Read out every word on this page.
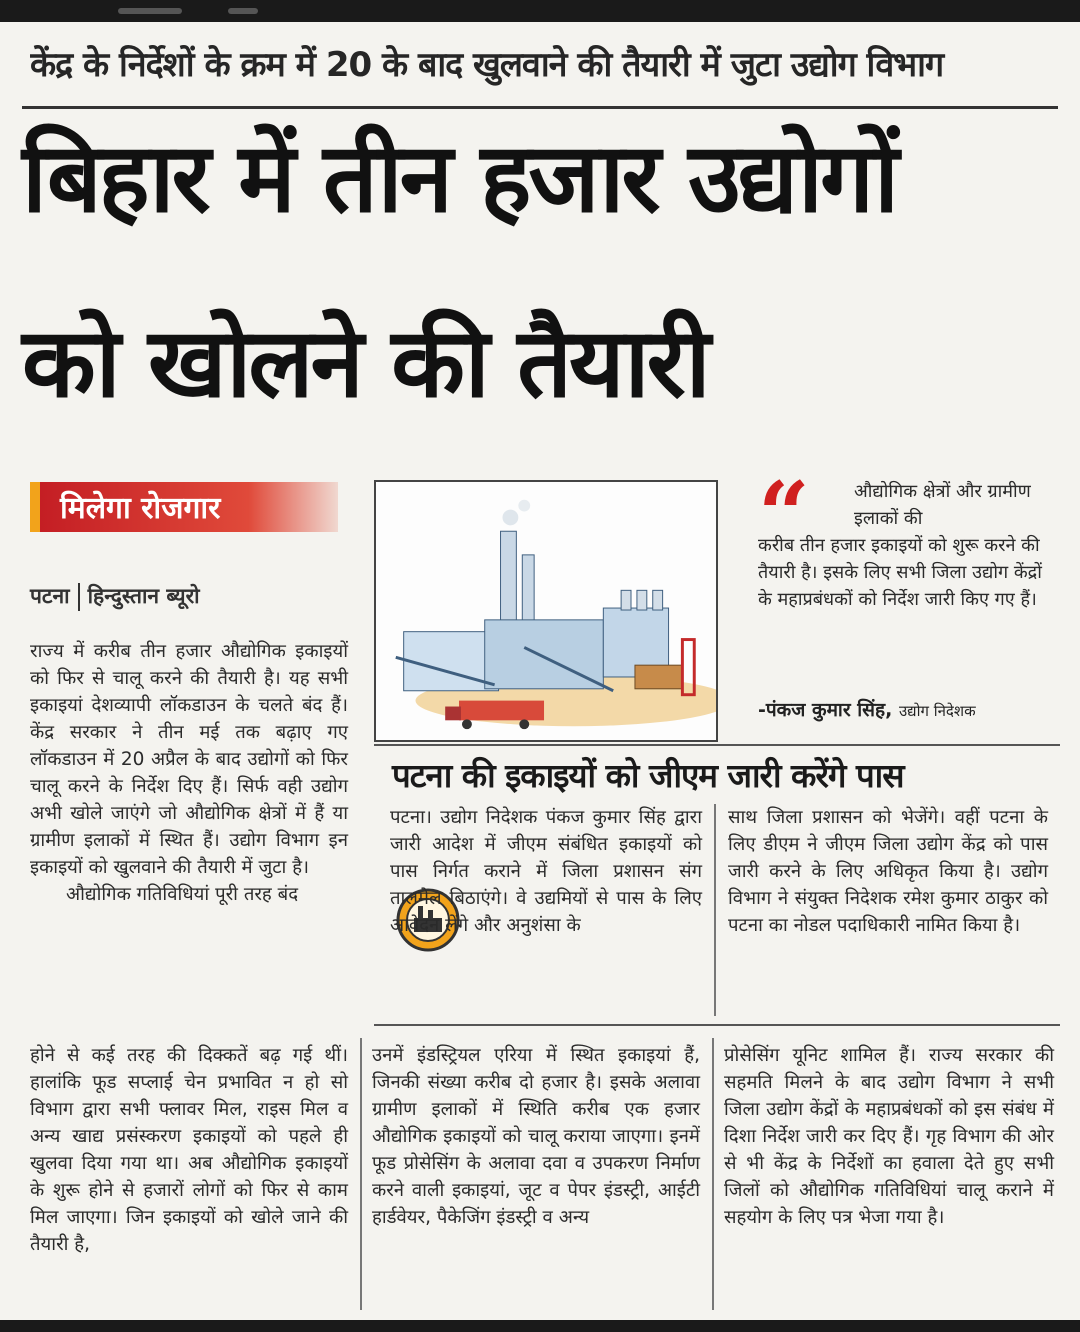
केंद्र के निर्देशों के क्रम में 20 के बाद खुलवाने की तैयारी में जुटा उद्योग विभाग
बिहार में तीन हजार उद्योगों
को खोलने की तैयारी
मिलेगा रोजगार
पटना हिन्दुस्तान ब्यूरो

राज्य में करीब तीन हजार औद्योगिक इकाइयों को फिर से चालू करने की तैयारी है। यह सभी इकाइयां देशव्यापी लॉकडाउन के चलते बंद हैं। केंद्र सरकार ने तीन मई तक बढ़ाए गए लॉकडाउन में 20 अप्रैल के बाद उद्योगों को फिर चालू करने के निर्देश दिए हैं। सिर्फ वही उद्योग अभी खोले जाएंगे जो औद्योगिक क्षेत्रों में हैं या ग्रामीण इलाकों में स्थित हैं। उद्योग विभाग इन इकाइयों को खुलवाने की तैयारी में जुटा है।

औद्योगिक गतिविधियां पूरी तरह बंद

“	औद्योगिक क्षेत्रों और ग्रामीण इलाकों की
करीब तीन हजार इकाइयों को शुरू करने की तैयारी है। इसके लिए सभी जिला उद्योग केंद्रों के महाप्रबंधकों को निर्देश जारी किए गए हैं।
-पंकज कुमार सिंह, उद्योग निदेशक
पटना की इकाइयों को जीएम जारी करेंगे पास

पटना। उद्योग निदेशक पंकज कुमार सिंह द्वारा जारी आदेश में जीएम संबंधित इकाइयों को पास निर्गत कराने में जिला प्रशासन संग तालमेल बिठाएंगे। वे उद्यमियों से पास के लिए आवेदन लेंगे और अनुशंसा के

साथ जिला प्रशासन को भेजेंगे। वहीं पटना के लिए डीएम ने जीएम जिला उद्योग केंद्र को पास जारी करने के लिए अधिकृत किया है। उद्योग विभाग ने संयुक्त निदेशक रमेश कुमार ठाकुर को पटना का नोडल पदाधिकारी नामित किया है।

होने से कई तरह की दिक्कतें बढ़ गई थीं। हालांकि फूड सप्लाई चेन प्रभावित न हो सो विभाग द्वारा सभी फ्लावर मिल, राइस मिल व अन्य खाद्य प्रसंस्करण इकाइयों को पहले ही खुलवा दिया गया था। अब औद्योगिक इकाइयों के शुरू होने से हजारों लोगों को फिर से काम मिल जाएगा। जिन इकाइयों को खोले जाने की तैयारी है,

उनमें इंडस्ट्रियल एरिया में स्थित इकाइयां हैं, जिनकी संख्या करीब दो हजार है। इसके अलावा ग्रामीण इलाकों में स्थिति करीब एक हजार औद्योगिक इकाइयों को चालू कराया जाएगा। इनमें फूड प्रोसेसिंग के अलावा दवा व उपकरण निर्माण करने वाली इकाइयां, जूट व पेपर इंडस्ट्री, आईटी हार्डवेयर, पैकेजिंग इंडस्ट्री व अन्य

प्रोसेसिंग यूनिट शामिल हैं। राज्य सरकार की सहमति मिलने के बाद उद्योग विभाग ने सभी जिला उद्योग केंद्रों के महाप्रबंधकों को इस संबंध में दिशा निर्देश जारी कर दिए हैं। गृह विभाग की ओर से भी केंद्र के निर्देशों का हवाला देते हुए सभी जिलों को औद्योगिक गतिविधियां चालू कराने में सहयोग के लिए पत्र भेजा गया है।
